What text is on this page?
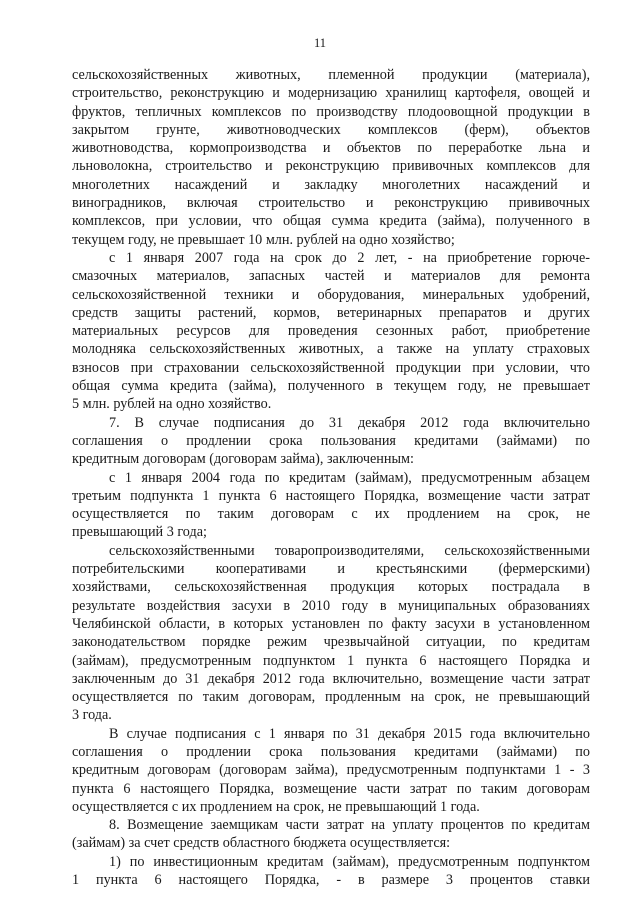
11
сельскохозяйственных животных, племенной продукции (материала),
строительство, реконструкцию и модернизацию хранилищ картофеля, овощей и
фруктов, тепличных комплексов по производству плодоовощной продукции в
закрытом грунте, животноводческих комплексов (ферм), объектов
животноводства, кормопроизводства и объектов по переработке льна и
льноволокна, строительство и реконструкцию прививочных комплексов для
многолетних насаждений и закладку многолетних насаждений и
виноградников, включая строительство и реконструкцию прививочных
комплексов, при условии, что общая сумма кредита (займа), полученного в
текущем году, не превышает 10 млн. рублей на одно хозяйство;
с 1 января 2007 года на срок до 2 лет, - на приобретение горюче-
смазочных материалов, запасных частей и материалов для ремонта
сельскохозяйственной техники и оборудования, минеральных удобрений,
средств защиты растений, кормов, ветеринарных препаратов и других
материальных ресурсов для проведения сезонных работ, приобретение
молодняка сельскохозяйственных животных, а также на уплату страховых
взносов при страховании сельскохозяйственной продукции при условии, что
общая сумма кредита (займа), полученного в текущем году, не превышает
5 млн. рублей на одно хозяйство.
7. В случае подписания до 31 декабря 2012 года включительно
соглашения о продлении срока пользования кредитами (займами) по
кредитным договорам (договорам займа), заключенным:
с 1 января 2004 года по кредитам (займам), предусмотренным абзацем
третьим подпункта 1 пункта 6 настоящего Порядка, возмещение части затрат
осуществляется по таким договорам с их продлением на срок, не
превышающий 3 года;
сельскохозяйственными товаропроизводителями, сельскохозяйственными
потребительскими кооперативами и крестьянскими (фермерскими)
хозяйствами, сельскохозяйственная продукция которых пострадала в
результате воздействия засухи в 2010 году в муниципальных образованиях
Челябинской области, в которых установлен по факту засухи в установленном
законодательством порядке режим чрезвычайной ситуации, по кредитам
(займам), предусмотренным подпунктом 1 пункта 6 настоящего Порядка и
заключенным до 31 декабря 2012 года включительно, возмещение части затрат
осуществляется по таким договорам, продленным на срок, не превышающий
3 года.
В случае подписания с 1 января по 31 декабря 2015 года включительно
соглашения о продлении срока пользования кредитами (займами) по
кредитным договорам (договорам займа), предусмотренным подпунктами 1 - 3
пункта 6 настоящего Порядка, возмещение части затрат по таким договорам
осуществляется с их продлением на срок, не превышающий 1 года.
8. Возмещение заемщикам части затрат на уплату процентов по кредитам
(займам) за счет средств областного бюджета осуществляется:
1) по инвестиционным кредитам (займам), предусмотренным подпунктом
1 пункта 6 настоящего Порядка, - в размере 3 процентов ставки
